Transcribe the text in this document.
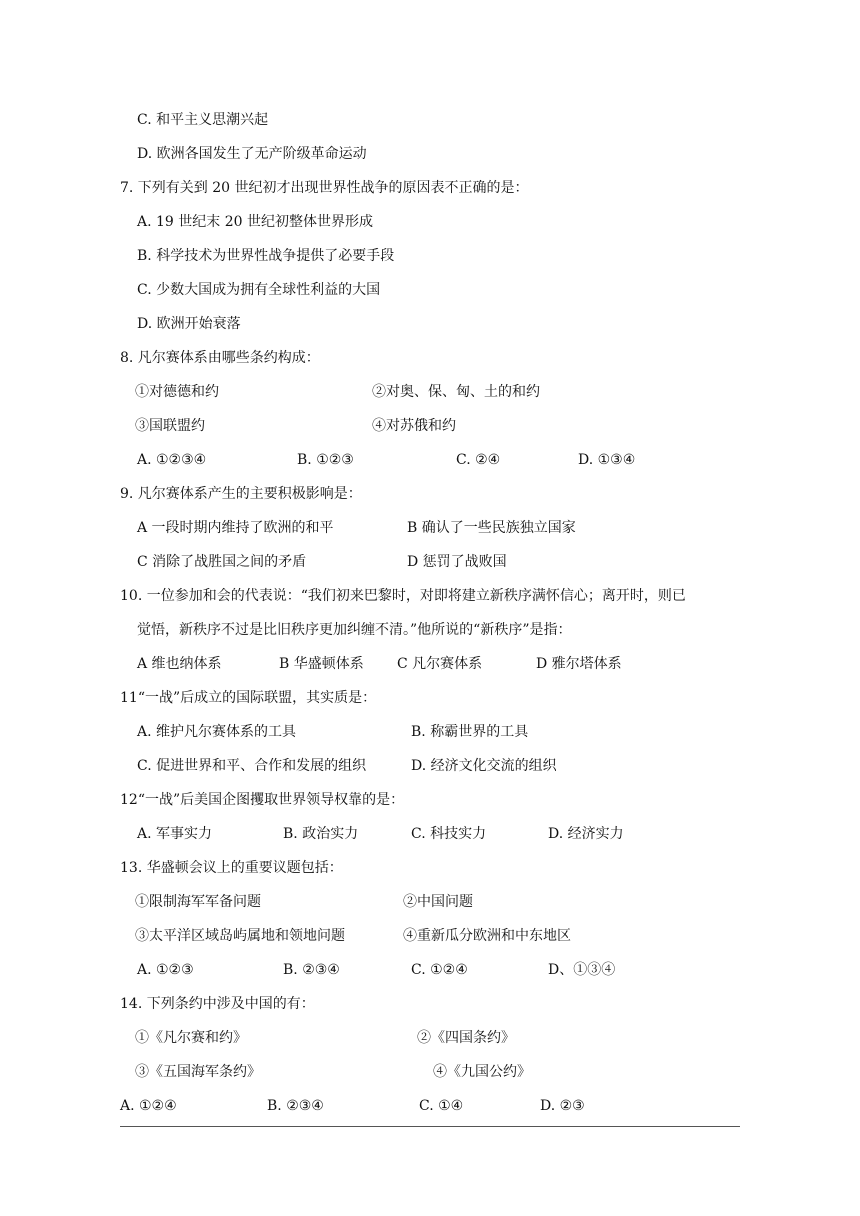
C. 和平主义思潮兴起
D. 欧洲各国发生了无产阶级革命运动
7. 下列有关到 20 世纪初才出现世界性战争的原因表不正确的是：
A. 19 世纪末 20 世纪初整体世界形成
B. 科学技术为世界性战争提供了必要手段
C. 少数大国成为拥有全球性利益的大国
D. 欧洲开始衰落
8. 凡尔赛体系由哪些条约构成：
①对德德和约	②对奥、保、匈、土的和约
③国联盟约	④对苏俄和约
A. ①②③④	B. ①②③	C. ②④	D. ①③④
9. 凡尔赛体系产生的主要积极影响是：
A 一段时期内维持了欧洲的和平	B 确认了一些民族独立国家
C 消除了战胜国之间的矛盾	D 惩罚了战败国
10. 一位参加和会的代表说：“我们初来巴黎时，对即将建立新秩序满怀信心；离开时，则已
觉悟，新秩序不过是比旧秩序更加纠缠不清。”他所说的“新秩序”是指：
A 维也纳体系	B 华盛顿体系 C 凡尔赛体系	D 雅尔塔体系
11“一战”后成立的国际联盟，其实质是：
A. 维护凡尔赛体系的工具	B. 称霸世界的工具
C. 促进世界和平、合作和发展的组织	D. 经济文化交流的组织
12“一战”后美国企图攫取世界领导权靠的是：
A. 军事实力	B. 政治实力	C. 科技实力	D. 经济实力
13. 华盛顿会议上的重要议题包括：
①限制海军军备问题	②中国问题
③太平洋区域岛屿属地和领地问题	④重新瓜分欧洲和中东地区
A. ①②③	B. ②③④	C. ①②④	D、①③④
14. 下列条约中涉及中国的有：
①《凡尔赛和约》	②《四国条约》
③《五国海军条约》	④《九国公约》
A. ①②④	B. ②③④	C. ①④	D. ②③
